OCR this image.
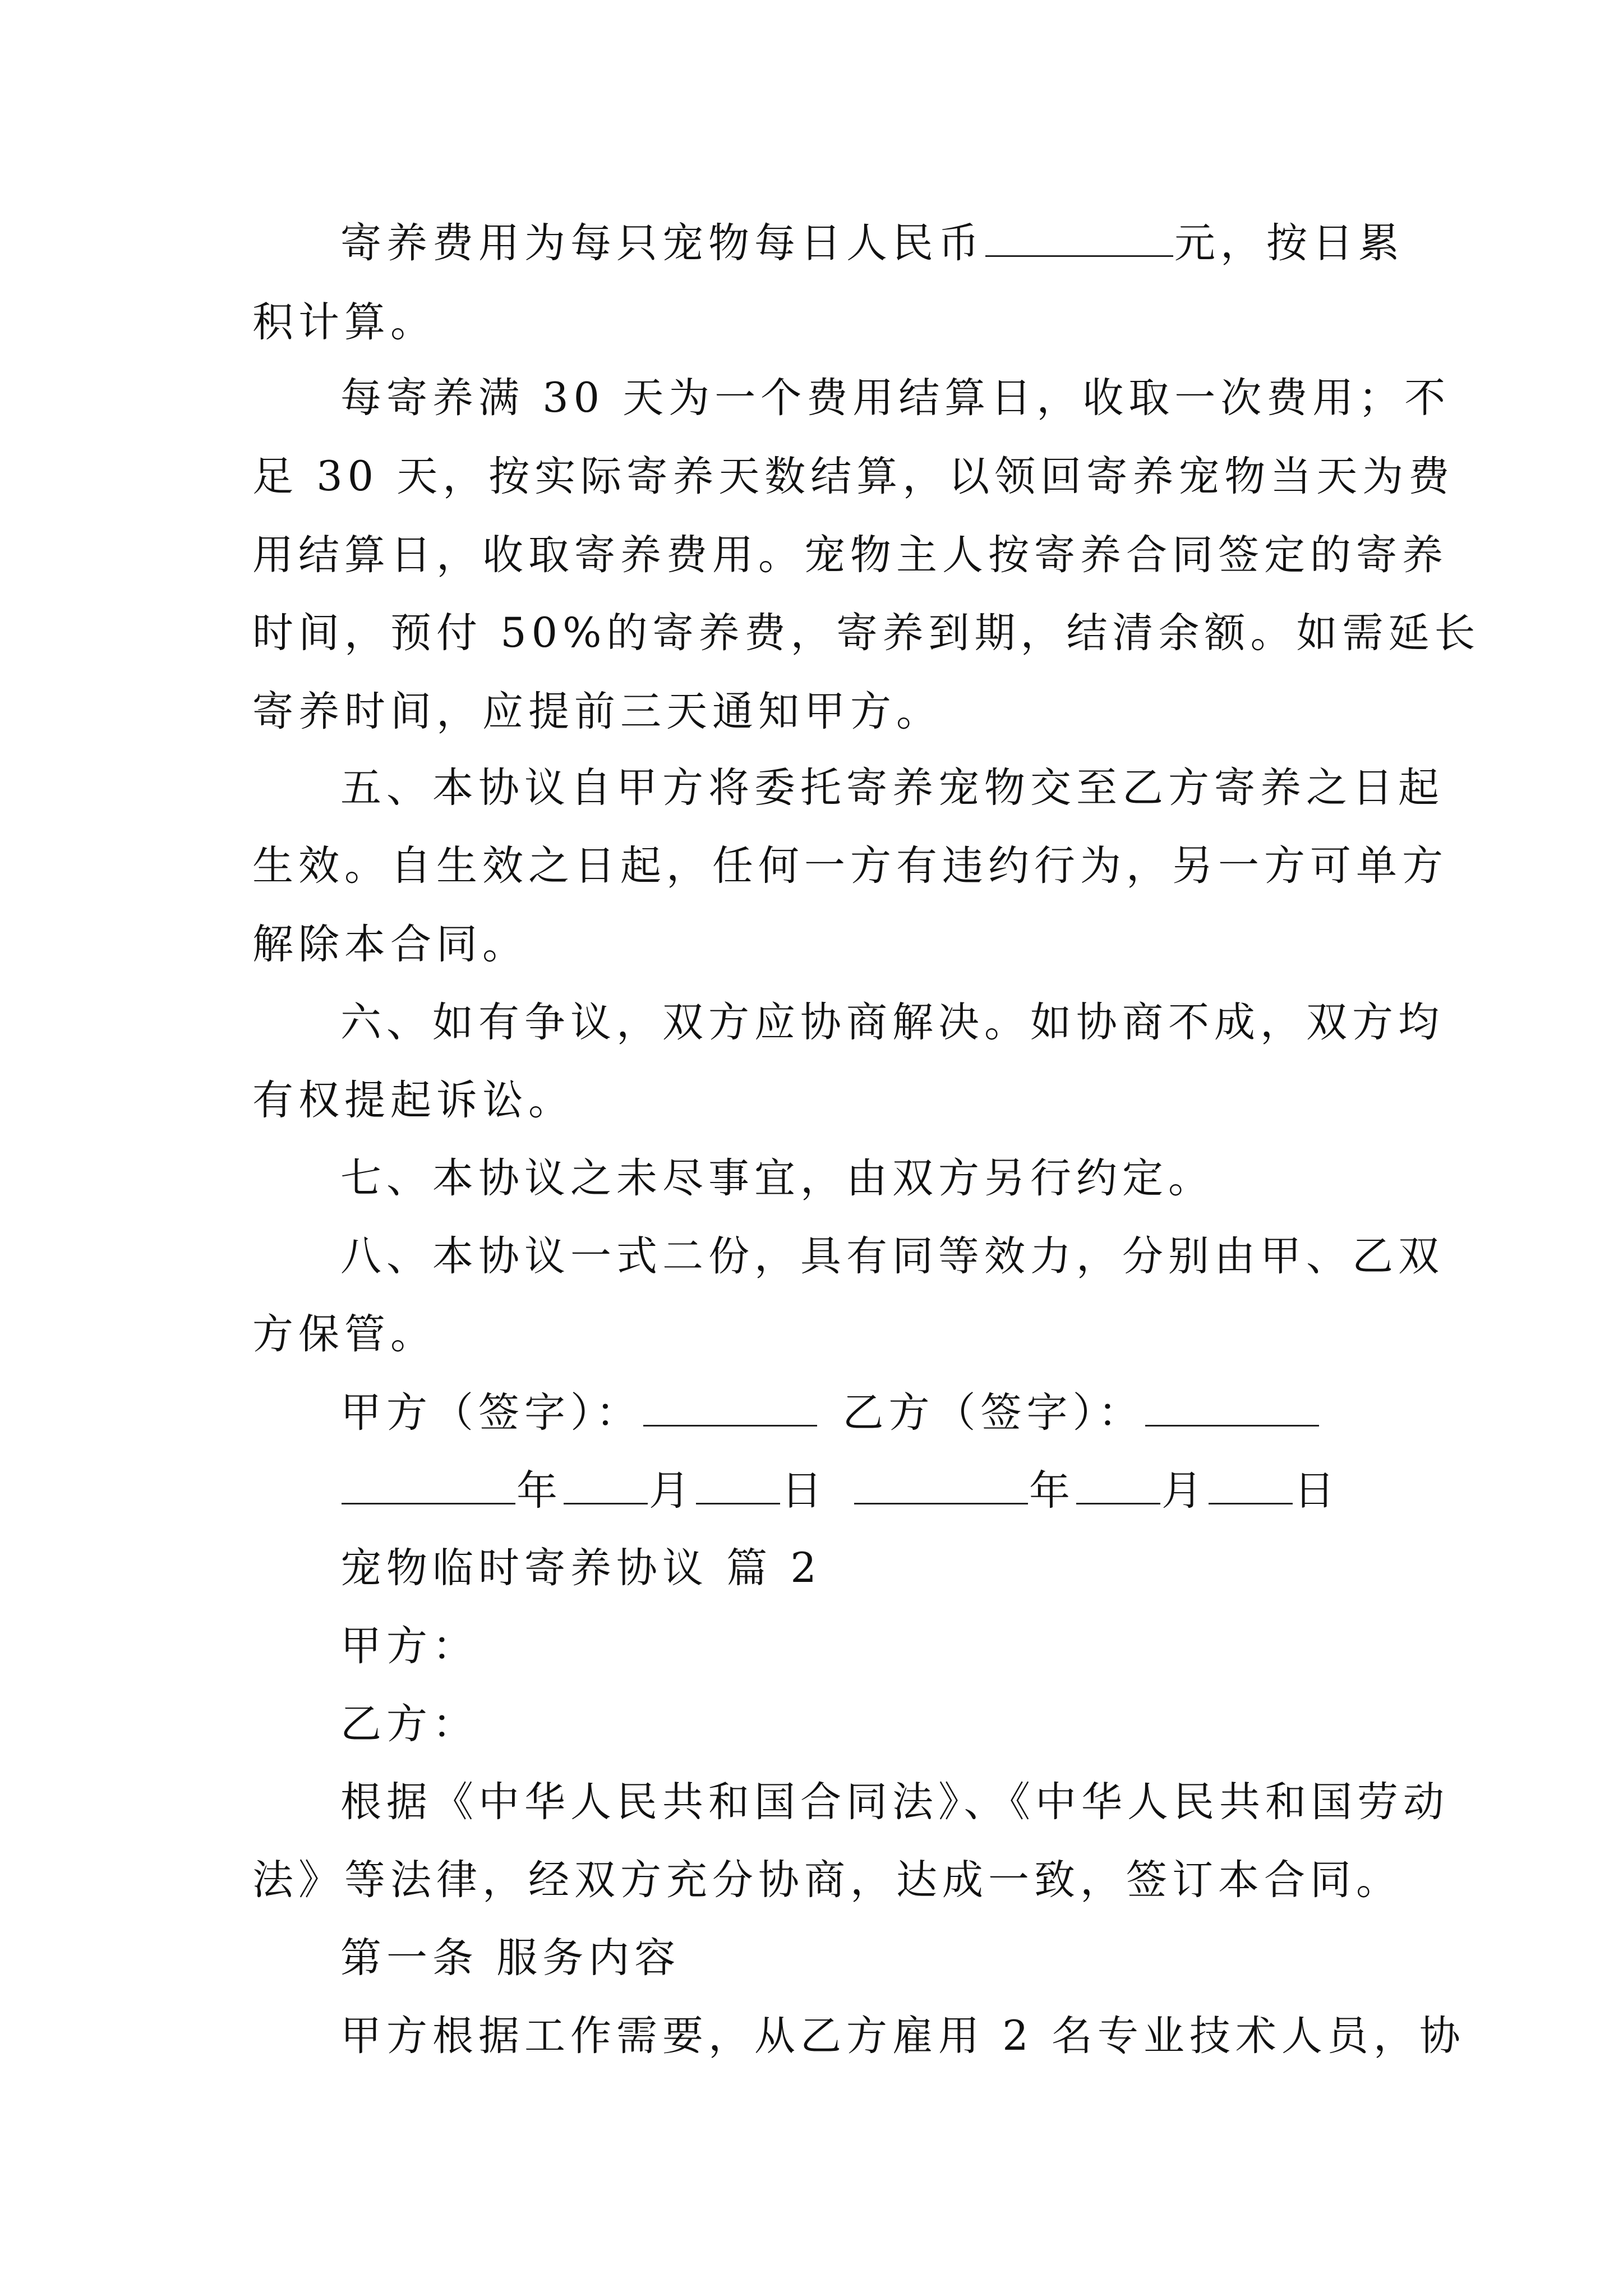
寄养费用为每只宠物每日人民币	元，按日累
积计算。
每寄养满 30 天为一个费用结算日，收取一次费用；不
足 30 天，按实际寄养天数结算，以领回寄养宠物当天为费
用结算日，收取寄养费用。宠物主人按寄养合同签定的寄养
时间，预付 50%的寄养费，寄养到期，结清余额。如需延长
寄养时间，应提前三天通知甲方。
五、本协议自甲方将委托寄养宠物交至乙方寄养之日起
生效。自生效之日起，任何一方有违约行为，另一方可单方
解除本合同。
六、如有争议，双方应协商解决。如协商不成，双方均
有权提起诉讼。
七、本协议之未尽事宜，由双方另行约定。
八、本协议一式二份，具有同等效力，分别由甲、乙双
方保管。
甲方（签字）：	乙方（签字）：
年 月 日	年 月 日
宠物临时寄养协议 篇 2
甲方：
乙方：
根据《中华人民共和国合同法》、《中华人民共和国劳动
法》等法律，经双方充分协商，达成一致，签订本合同。
第一条 服务内容
甲方根据工作需要，从乙方雇用 2 名专业技术人员，协
